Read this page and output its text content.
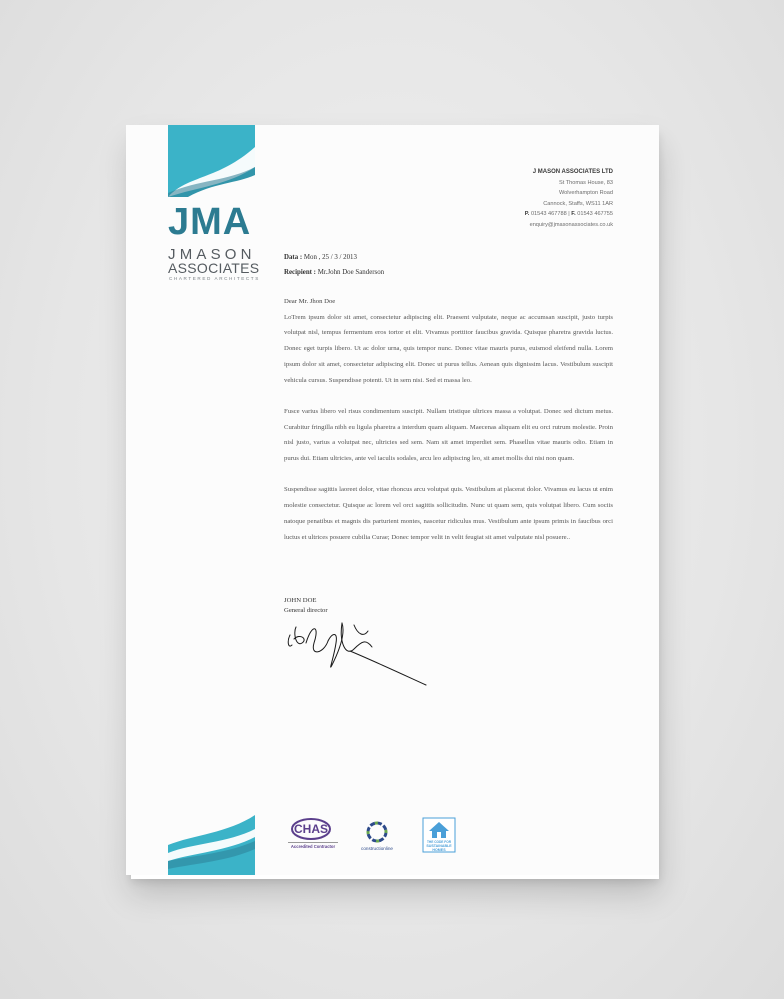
JMA
JMASON
ASSOCIATES
CHARTERED ARCHITECTS
J MASON ASSOCIATES LTD
St Thomas House, 83
Wolverhampton Road
Cannock, Staffs, WS11 1AR
P. 01543 467788 | F. 01543 467755
enquiry@jmasonassociates.co.uk
Data : Mon , 25 / 3 / 2013
Recipient : Mr.John Doe Sanderson

Dear Mr. Jhon Doe

LoTrem ipsum dolor sit amet, consectetur adipiscing elit. Praesent vulputate, neque ac accumsan suscipit, justo turpis volutpat nisl, tempus fermentum eros tortor et elit. Vivamus porttitor faucibus gravida. Quisque pharetra gravida luctus. Donec eget turpis libero. Ut ac dolor urna, quis tempor nunc. Donec vitae mauris purus, euismod eleifend nulla. Lorem ipsum dolor sit amet, consectetur adipiscing elit. Donec ut purus tellus. Aenean quis dignissim lacus. Vestibulum suscipit vehicula cursus. Suspendisse potenti. Ut in sem nisi. Sed et massa leo.

Fusce varius libero vel risus condimentum suscipit. Nullam tristique ultrices massa a volutpat. Donec sed dictum metus. Curabitur fringilla nibh eu ligula pharetra a interdum quam aliquam. Maecenas aliquam elit eu orci rutrum molestie. Proin nisl justo, varius a volutpat nec, ultricies sed sem. Nam sit amet imperdiet sem. Phasellus vitae mauris odio. Etiam in purus dui. Etiam ultricies, ante vel iaculis sodales, arcu leo adipiscing leo, sit amet mollis dui nisi non quam.

Suspendisse sagittis laoreet dolor, vitae rhoncus arcu volutpat quis. Vestibulum at placerat dolor. Vivamus eu lacus ut enim molestie consectetur. Quisque ac lorem vel orci sagittis sollicitudin. Nunc ut quam sem, quis volutpat libero. Cum sociis natoque penatibus et magnis dis parturient montes, nascetur ridiculus mus. Vestibulum ante ipsum primis in faucibus orci luctus et ultrices posuere cubilia Curae; Donec tempor velit in velit feugiat sit amet vulputate nisl posuere..

JOHN DOE
General director
CHAS
Accredited Contractor	constructionline
THE CODE FOR
SUSTAINABLE
HOMES
